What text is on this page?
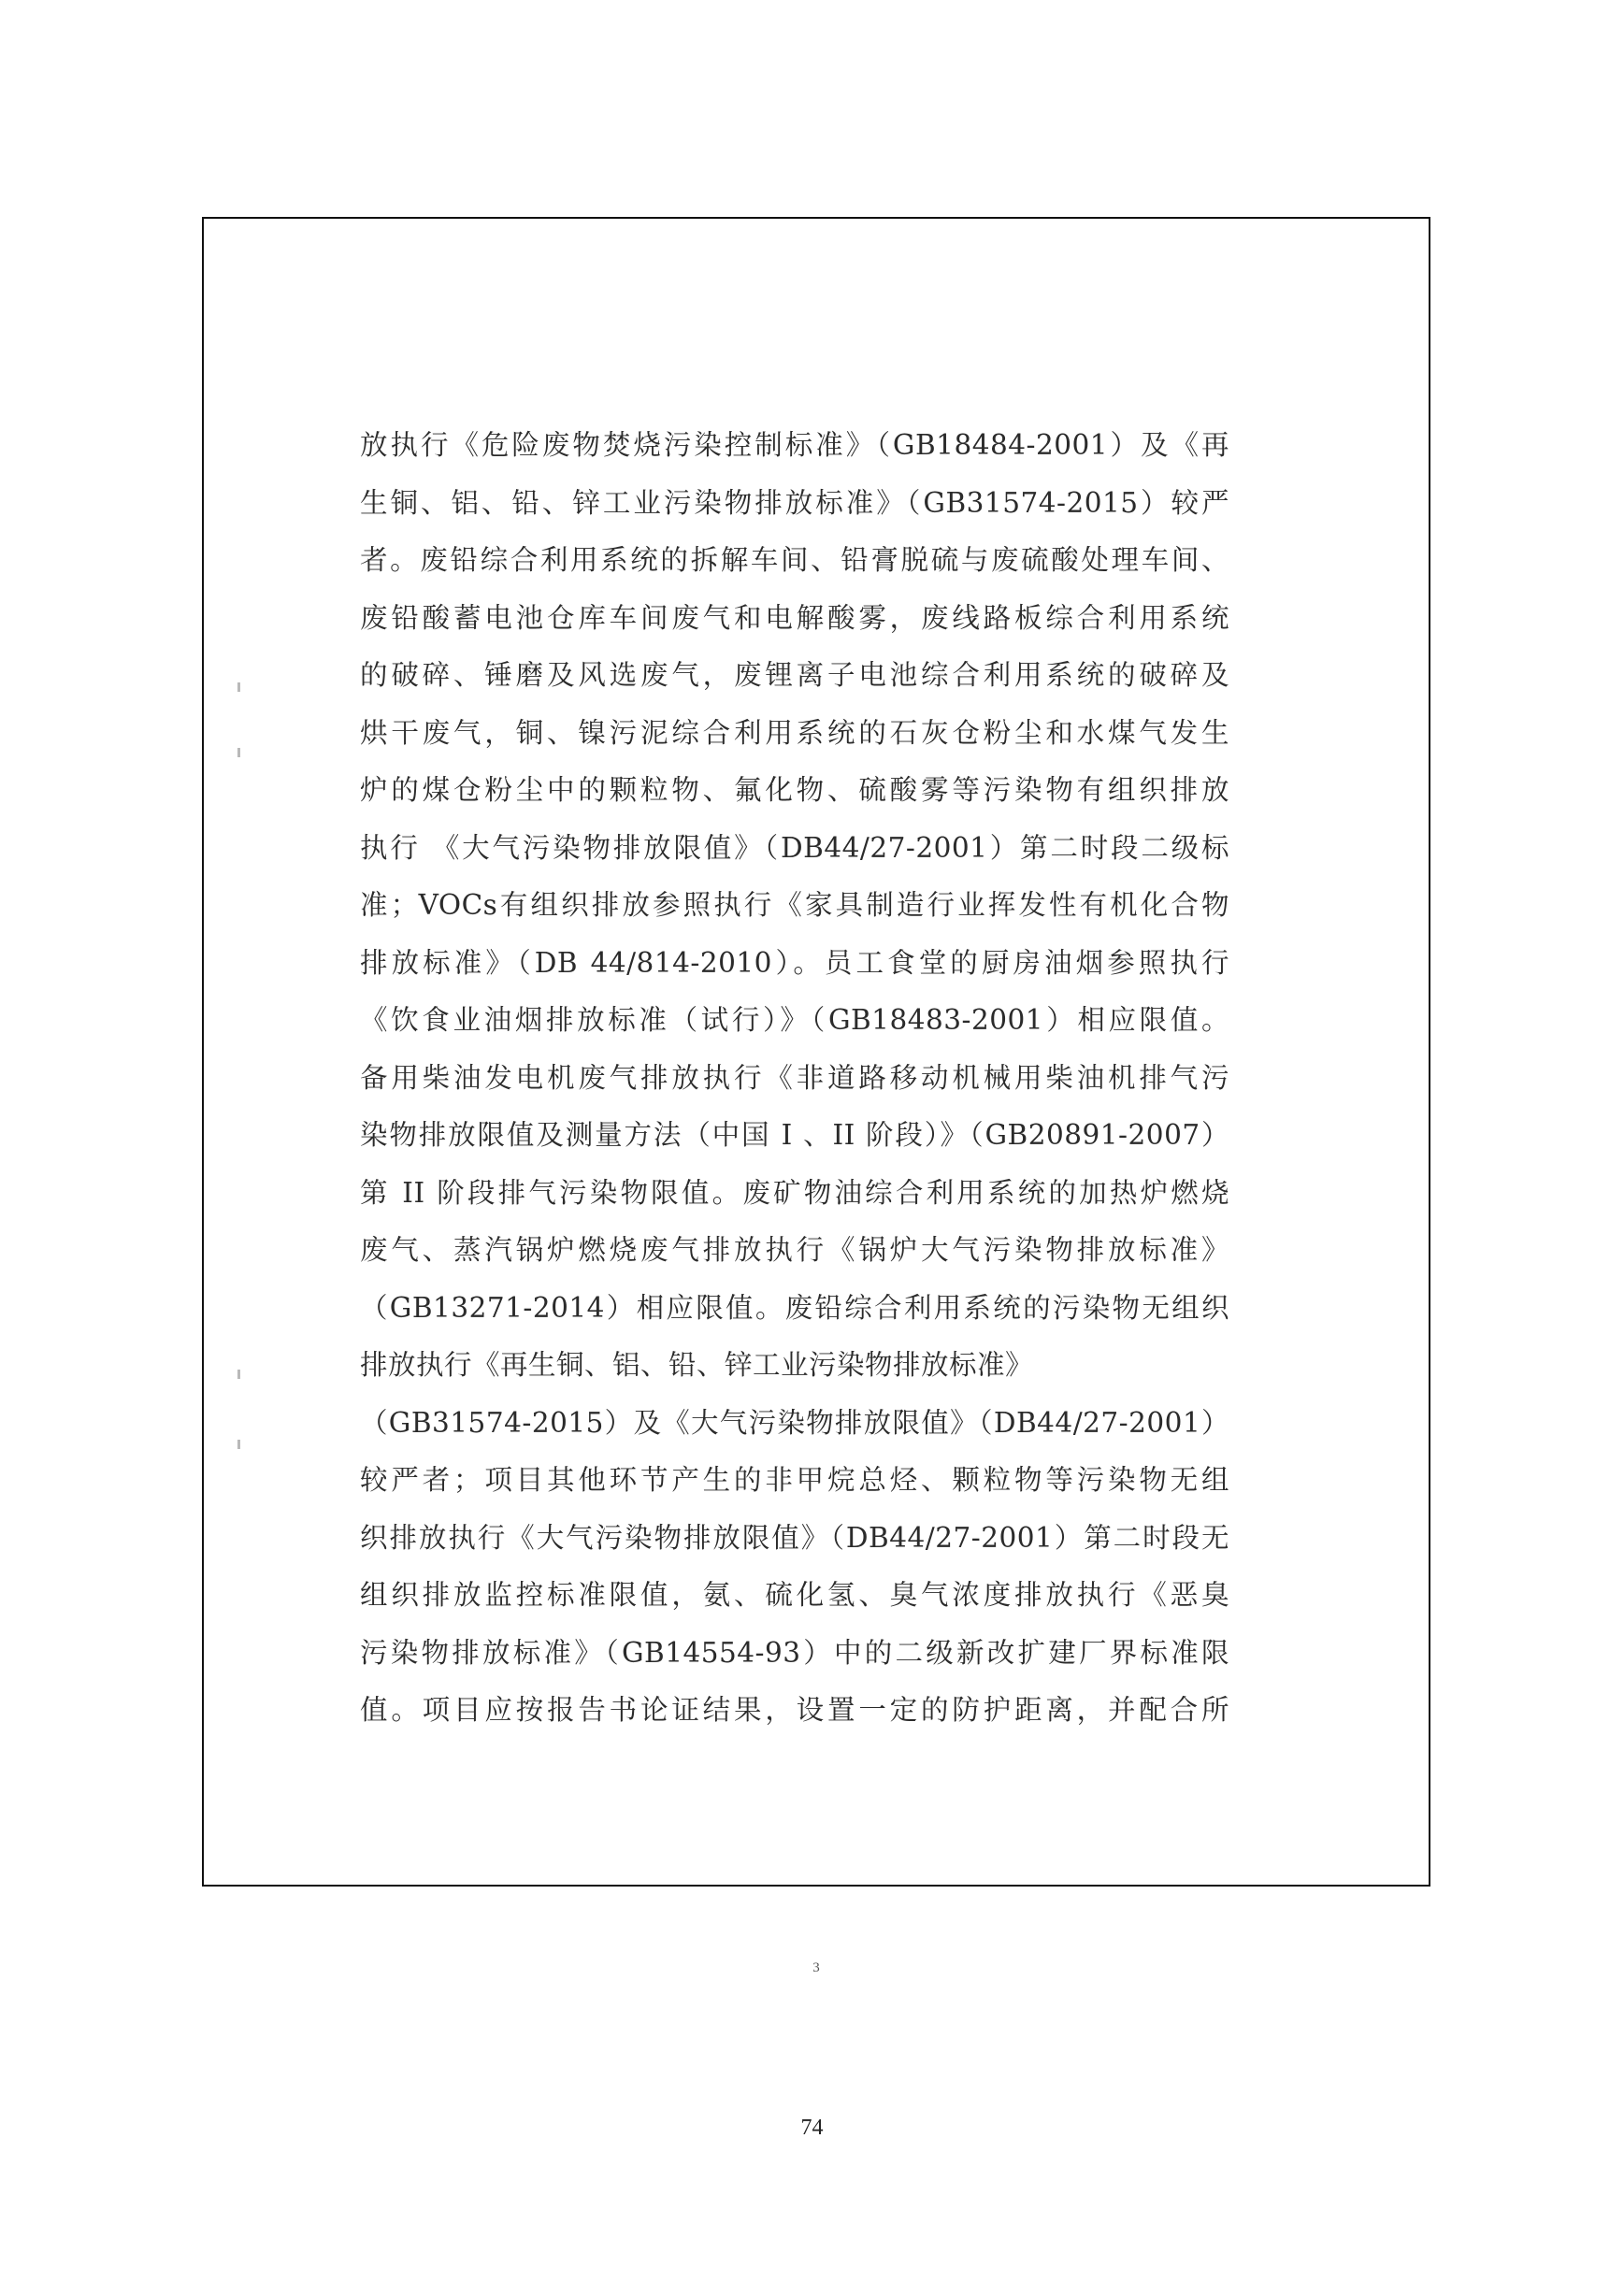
3
放执行《危险废物焚烧污染控制标准》（GB18484-2001）及《再
生铜、铝、铅、锌工业污染物排放标准》（GB31574-2015）较严
者。废铅综合利用系统的拆解车间、铅膏脱硫与废硫酸处理车间、
废铅酸蓄电池仓库车间废气和电解酸雾，废线路板综合利用系统
的破碎、锤磨及风选废气，废锂离子电池综合利用系统的破碎及
烘干废气，铜、镍污泥综合利用系统的石灰仓粉尘和水煤气发生
炉的煤仓粉尘中的颗粒物、氟化物、硫酸雾等污染物有组织排放
执行 《大气污染物排放限值》（DB44/27-2001）第二时段二级标
准；VOCs有组织排放参照执行《家具制造行业挥发性有机化合物
排放标准》（DB 44/814-2010）。员工食堂的厨房油烟参照执行
《饮食业油烟排放标准（试行）》（GB18483-2001）相应限值。
备用柴油发电机废气排放执行《非道路移动机械用柴油机排气污
染物排放限值及测量方法（中国 I 、II 阶段）》（GB20891-2007）
第 II 阶段排气污染物限值。废矿物油综合利用系统的加热炉燃烧
废气、蒸汽锅炉燃烧废气排放执行《锅炉大气污染物排放标准》
（GB13271-2014）相应限值。废铅综合利用系统的污染物无组织
排放执行《再生铜、铝、铅、锌工业污染物排放标准》
（GB31574-2015）及《大气污染物排放限值》（DB44/27-2001）
较严者；项目其他环节产生的非甲烷总烃、颗粒物等污染物无组
织排放执行《大气污染物排放限值》（DB44/27-2001）第二时段无
组织排放监控标准限值，氨、硫化氢、臭气浓度排放执行《恶臭
污染物排放标准》（GB14554-93）中的二级新改扩建厂界标准限
值。项目应按报告书论证结果，设置一定的防护距离，并配合所
74
